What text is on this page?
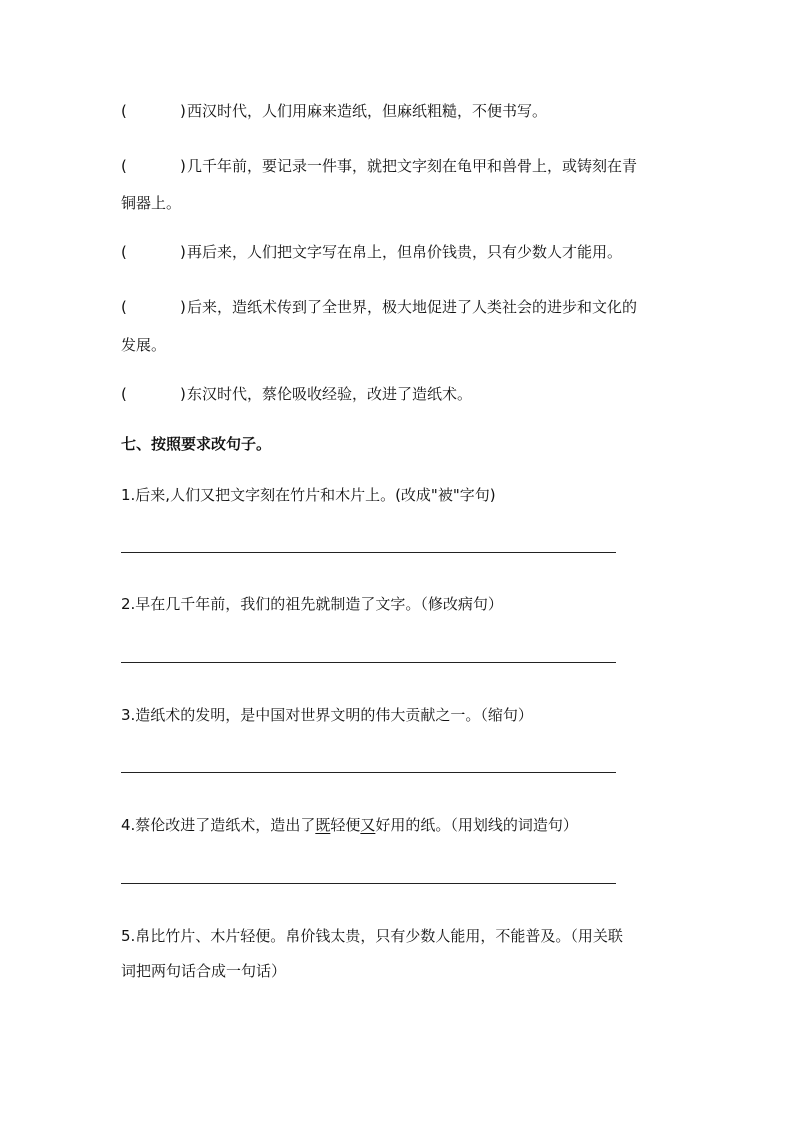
(	) 西汉时代，人们用麻来造纸，但麻纸粗糙，不便书写。
(	) 几千年前，要记录一件事，就把文字刻在龟甲和兽骨上，或铸刻在青
铜器上。
(	) 再后来，人们把文字写在帛上，但帛价钱贵，只有少数人才能用。
(	) 后来，造纸术传到了全世界，极大地促进了人类社会的进步和文化的
发展。
(	) 东汉时代，蔡伦吸收经验，改进了造纸术。
七、按照要求改句子。
1.后来,人们又把文字刻在竹片和木片上。(改成"被"字句)
2.早在几千年前，我们的祖先就制造了文字。（修改病句）
3.造纸术的发明，是中国对世界文明的伟大贡献之一。（缩句）
4.蔡伦改进了造纸术，造出了既轻便又好用的纸。（用划线的词造句）
5.帛比竹片、木片轻便。帛价钱太贵，只有少数人能用，不能普及。（用关联
词把两句话合成一句话）
